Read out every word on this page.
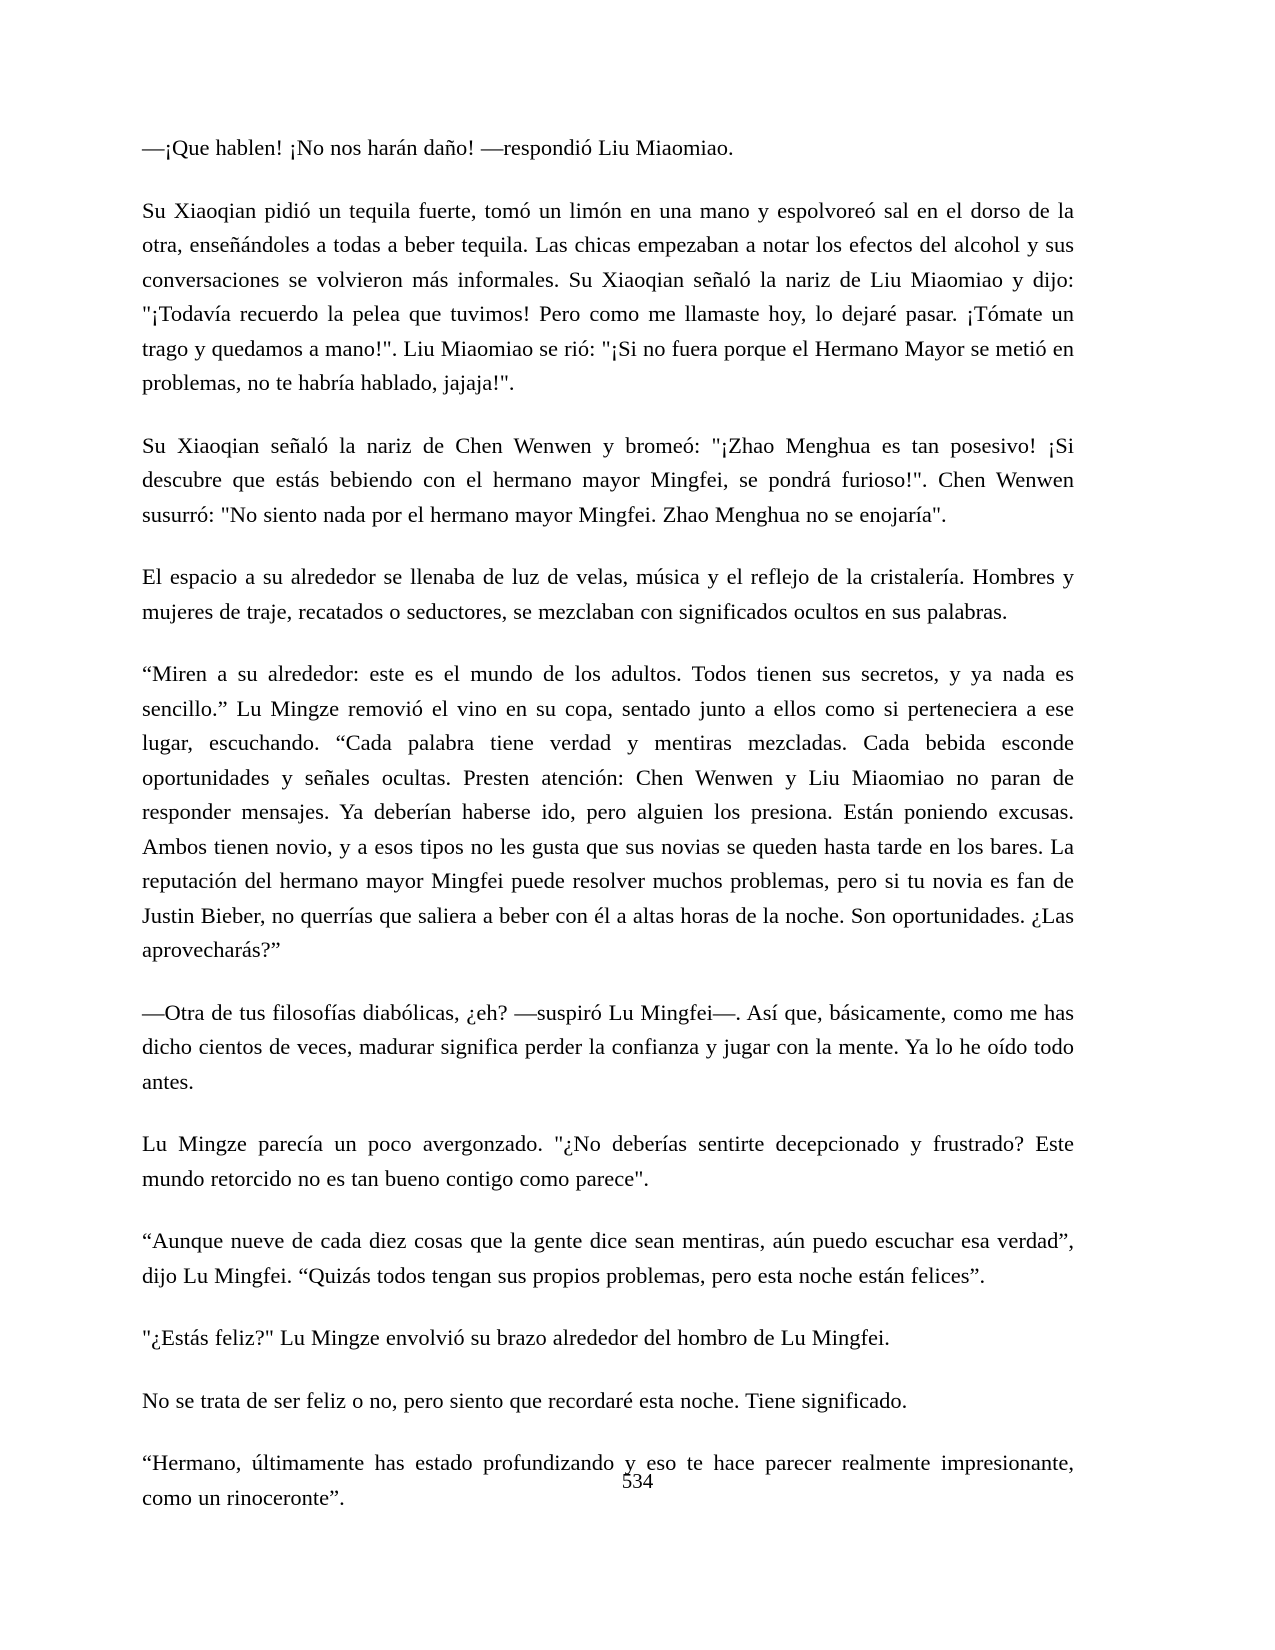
—¡Que hablen! ¡No nos harán daño! —respondió Liu Miaomiao.

Su Xiaoqian pidió un tequila fuerte, tomó un limón en una mano y espolvoreó sal en el dorso de la otra, enseñándoles a todas a beber tequila. Las chicas empezaban a notar los efectos del alcohol y sus conversaciones se volvieron más informales. Su Xiaoqian señaló la nariz de Liu Miaomiao y dijo: "¡Todavía recuerdo la pelea que tuvimos! Pero como me llamaste hoy, lo dejaré pasar. ¡Tómate un trago y quedamos a mano!". Liu Miaomiao se rió: "¡Si no fuera porque el Hermano Mayor se metió en problemas, no te habría hablado, jajaja!".

Su Xiaoqian señaló la nariz de Chen Wenwen y bromeó: "¡Zhao Menghua es tan posesivo! ¡Si descubre que estás bebiendo con el hermano mayor Mingfei, se pondrá furioso!". Chen Wenwen susurró: "No siento nada por el hermano mayor Mingfei. Zhao Menghua no se enojaría".

El espacio a su alrededor se llenaba de luz de velas, música y el reflejo de la cristalería. Hombres y mujeres de traje, recatados o seductores, se mezclaban con significados ocultos en sus palabras.

“Miren a su alrededor: este es el mundo de los adultos. Todos tienen sus secretos, y ya nada es sencillo.” Lu Mingze removió el vino en su copa, sentado junto a ellos como si perteneciera a ese lugar, escuchando. “Cada palabra tiene verdad y mentiras mezcladas. Cada bebida esconde oportunidades y señales ocultas. Presten atención: Chen Wenwen y Liu Miaomiao no paran de responder mensajes. Ya deberían haberse ido, pero alguien los presiona. Están poniendo excusas. Ambos tienen novio, y a esos tipos no les gusta que sus novias se queden hasta tarde en los bares. La reputación del hermano mayor Mingfei puede resolver muchos problemas, pero si tu novia es fan de Justin Bieber, no querrías que saliera a beber con él a altas horas de la noche. Son oportunidades. ¿Las aprovecharás?”

—Otra de tus filosofías diabólicas, ¿eh? —suspiró Lu Mingfei—. Así que, básicamente, como me has dicho cientos de veces, madurar significa perder la confianza y jugar con la mente. Ya lo he oído todo antes.

Lu Mingze parecía un poco avergonzado. "¿No deberías sentirte decepcionado y frustrado? Este mundo retorcido no es tan bueno contigo como parece".

“Aunque nueve de cada diez cosas que la gente dice sean mentiras, aún puedo escuchar esa verdad”, dijo Lu Mingfei. “Quizás todos tengan sus propios problemas, pero esta noche están felices”.

"¿Estás feliz?" Lu Mingze envolvió su brazo alrededor del hombro de Lu Mingfei.

No se trata de ser feliz o no, pero siento que recordaré esta noche. Tiene significado.

“Hermano, últimamente has estado profundizando y eso te hace parecer realmente impresionante, como un rinoceronte”.

534
